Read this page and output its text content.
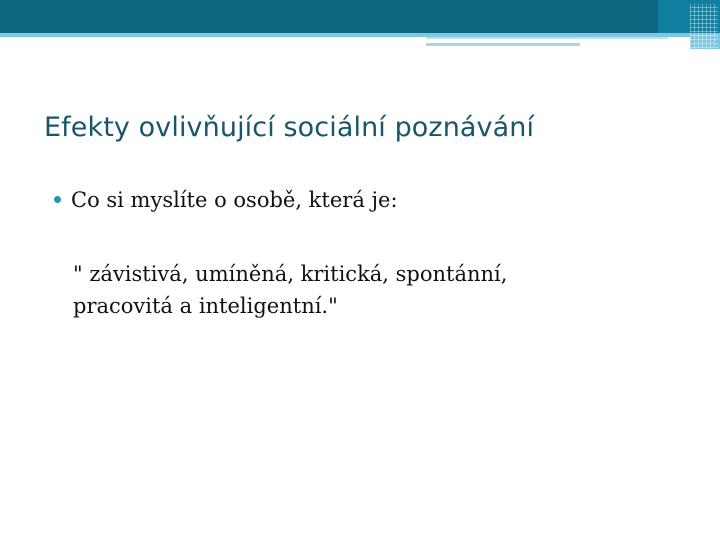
Efekty ovlivňující sociální poznávání
Co si myslíte o osobě, která je:
" závistivá, umíněná, kritická, spontánní,
pracovitá a inteligentní."
